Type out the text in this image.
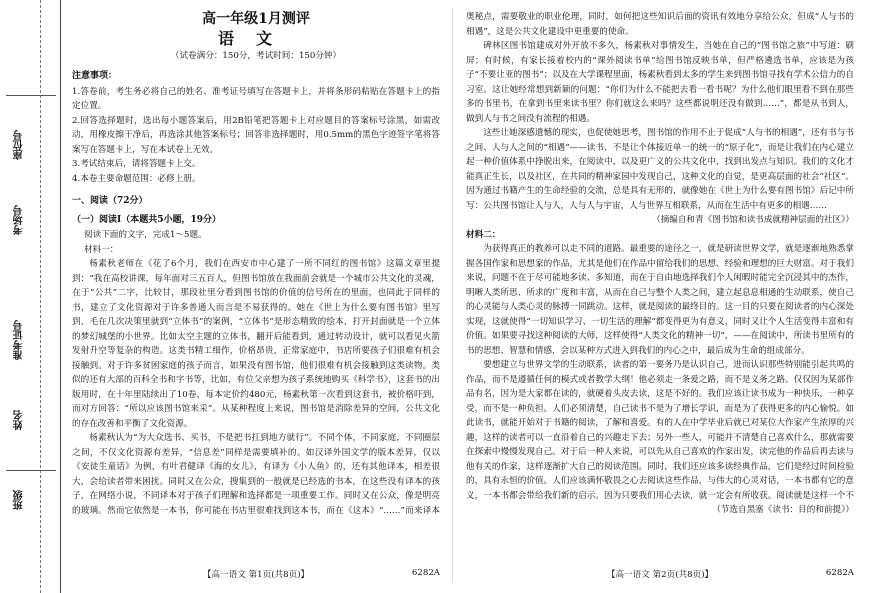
座位号
考场号
准考证号
姓名
班级
高一年级1月测评
语文
（试卷满分：150分，考试时间：150分钟）
注意事项：

1.答卷前，考生务必将自己的姓名、准考证号填写在答题卡上，并将条形码粘贴在答题卡上的指定位置。

2.回答选择题时，选出每小题答案后，用2B铅笔把答题卡上对应题目的答案标号涂黑，如需改动，用橡皮擦干净后，再选涂其他答案标号；回答非选择题时，用0.5mm的黑色字迹签字笔将答案写在答题卡上，写在本试卷上无效。

3.考试结束后，请将答题卡上交。

4.本卷主要命题范围：必修上册。

一、阅读（72分）
（一）阅读Ⅰ（本题共5小题，19分）

阅读下面的文字，完成1～5题。

材料一：

杨素秋老师在《花了6个月，我们在西安市中心建了一所不同红的图书馆》这篇文章里提到：“我在高校讲课，每年面对三五百人，但图书馆放在我面前会就是一个城市公共文化的灵魂，在于“公共”二字，比较甘，那段社里分看到图书馆的价值的信号所在的里面，也同此于同样的书，建立了文化资源对于许多普通人而言是不易获得的。她在《世上为什么要有图书馆》里写到，毛在几次决策里就到“立体书”的案例，“立体书”是形态精致的绘本，打开封面就是一个立体的梦幻城堡的小世界。比如太空主题的立体书，翻开后能看到，通过转动设计，就可以看见火箭发射升空等复杂的构造。这类书精工细作，价格昂贵，正常家庭中，书店所要孩子们很难有机会接触到。对于许多贫困家庭的孩子而言，如果没有图书馆，他们很难有机会接触到这类读物。类似的还有大部的百科全书和字书等，比如，有位父亲想为孩子系统地购买《科学书》，这套书的出版用时，在十年里陆续出了10卷，每本定价约480元，杨素秋第一次看到这套书，被价格吓到，而对方回答：“所以应该图书馆来采”。从某种程度上来说，图书馆是消除差异的空间，公共文化的存在改善和平衡了文化资源。

杨素秋认为“为大众选书、买书，不是把书扛到地方就行”。不同个体，不同家庭，不同圈层之间，不仅文化资源有差异，“信息差”同样是需要填补的。如汉译外国文学的版本差异，仅以《安徒生童话》为例，有叶君健译《海的女儿》，有译为《小人鱼》的，还有其他译本，相差很大，会给读者带来困扰。同时又在公众，搜集到的一般就是已经选的书本，在这些没有译本的孩子，在网络小说，不同译本对于孩子们理解和选择都是一项重要工作。同时又在公众，像是明亮的玻璃。然而它依然是一本书，你可能在书店里很难找到这本书，而在《这本》“……”而来译本

奥秘点，需要敬业的职业伦理，同时，如何把这些知识后面的资讯有效地分享给公众，但成“人与书的相遇”，这是公共文化建设中更重要的使命。

碑林区图书馆建成对外开放不多久，杨素秋对事情发生，当她在自己的“图书馆之旅”中写道：刷屏；有时候，有家长接着校内的“课外阅读书单”给图书馆反映书单，但严格遴选书单，应该是为孩子“不要让亚的图书”；以及在大学课程里面，杨素秋看到太多的学生来到图书馆寻找有学术公信力的自习室。这让她经常想到新颖的问题：“你们为什么不能把去看一看书呢？为什么他们眼里看不到在那些多的书里书，在拿到书里来读书里？你们就这么来吗？这些都说明还没有做到……”，都是从书到人，做到人与书之间没有流程的相遇。

这些让她深感遗憾的现实，也促使她思考，图书馆的作用不止于促成“人与书的相遇”，还有书与书之间、人与人之间的“相遇”——读书、不是让个体接近单一的统一的“原子化”，而是让我们在内心建立起一种价值体系中挣脱出来，在阅读中，以及更广义的公共文化中，找到出发点与知识。我们的文化才能真正生长，以及社区，在共同的精神家园中发现自己，这种文化的自觉，是更高层面的社会“社区”。因为通过书籍产生的生命经验的交流，总是具有无形的，就像她在《世上为什么要有图书馆》后记中所写：公共图书馆让人与人，人与人与宇宙，人与世界互相联系，从而在生活中有更多的相遇……

（摘编自和青《图书馆和读书成就精神层面的社区》）

材料二：

为获得真正的教养可以走不同的道路。最重要的途径之一，就是研读世界文学，就是逐渐地熟悉掌握各国作家和思想家的作品，尤其是他们在作品中留给我们的思想、经验和理想的巨大财富。对于我们来说，问题不在于尽可能地多读、多知道，而在于自由地选择我们个人闲暇时能完全沉浸其中的杰作，明晰人类所思、所求的广度和丰富，从而在自己与整个人类之间，建立起息息相通的生动联系，使自己的心灵能与人类心灵的脉搏一同跳动。这样，就是阅读的最终目的。这一目的只要在阅读者的内心深处实现，这就使得“一切知识学习、一切生活的理解”都变得更为有意义，同时又让个人生活变得丰富和有价值。如果要寻找这种阅读的大师，这样使得“人类文化的精神一切”，——在阅读中，所读书里所有的书的思想、智慧和情感，会以某种方式进入到我们的内心之中，最后成为生命的组成部分。

要想建立与世界文学的生动联系，读者的第一要务乃是认识自己，进而认识那些特别能引起共鸣的作品，而不是遵循任何的模式或者教学大纲！他必须走一条爱之路，而不是义务之路。仅仅因为某部作品有名，因为是大家都在读的，就硬着头皮去读，这是不好的。我们应该让读书成为一种快乐，一种享受，而不是一种负担。人们必须清楚，自己读书不是为了增长学识，而是为了获得更多的内心愉悦。如此读书，就能开始对于书籍的阅读，了解和喜爱。有的人在中学毕业后就已对某位大作家产生浓厚的兴趣，这样的读者可以一直沿着自己的兴趣走下去；另外一些人，可能并不清楚自己喜欢什么，那就需要在探索中慢慢发现自己。对于后一种人来说，可以先从自己喜欢的作家出发，读完他的作品后再去读与他有关的作家，这样逐渐扩大自己的阅读范围。同时，我们还应该多读经典作品，它们是经过时间检验的，具有永恒的价值。人们应该满怀敬畏之心去阅读这些作品，与伟大的心灵对话，一本书都有它的意义，一本书都会带给我们新的启示。因为只要我们用心去读，就一定会有所收获。阅读就是这样一个不

（节选自黑塞《读书：目的和前提》）

【高一语文 第1页(共8页)】	6282A	【高一语文 第2页(共8页)】	6282A
